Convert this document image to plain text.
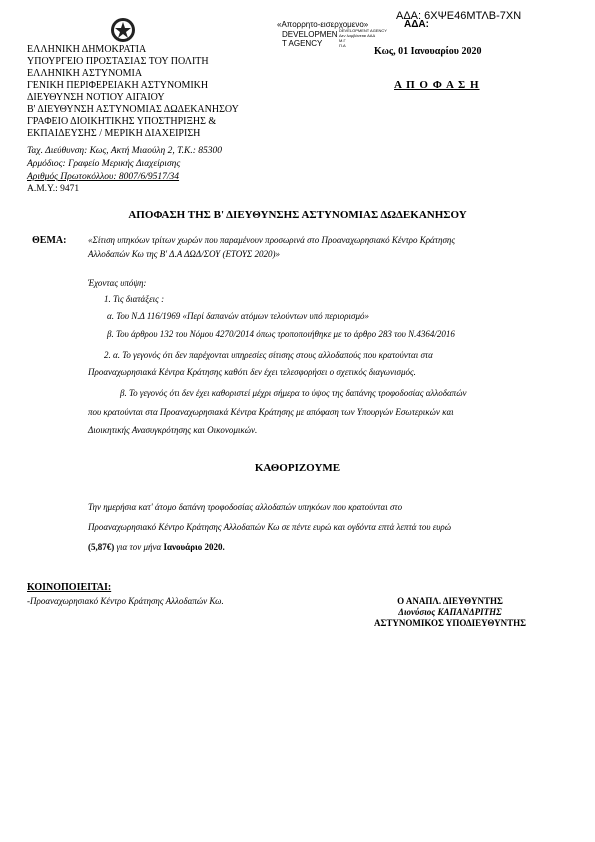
ΑΔΑ: 6ΧΨΕ46ΜΤΛΒ-7ΧΝ
«Απορρητο-εισερχομενο»	ΑΔΑ:
DEVELOPMEN
T AGENCY
DEVELOPMENT AGENCY
Δεν λαμβάνεται ΑΑΔ
Μ.Γ
Π.Α
Κως, 01 Ιανουαρίου 2020
ΕΛΛΗΝΙΚΗ ΔΗΜΟΚΡΑΤΙΑ
ΥΠΟΥΡΓΕΙΟ ΠΡΟΣΤΑΣΙΑΣ ΤΟΥ ΠΟΛΙΤΗ
ΕΛΛΗΝΙΚΗ ΑΣΤΥΝΟΜΙΑ
ΓΕΝΙΚΗ ΠΕΡΙΦΕΡΕΙΑΚΗ ΑΣΤΥΝΟΜΙΚΗ
ΔΙΕΥΘΥΝΣΗ ΝΟΤΙΟΥ ΑΙΓΑΙΟΥ
Β' ΔΙΕΥΘΥΝΣΗ ΑΣΤΥΝΟΜΙΑΣ ΔΩΔΕΚΑΝΗΣΟΥ
ΓΡΑΦΕΙΟ ΔΙΟΙΚΗΤΙΚΗΣ ΥΠΟΣΤΗΡΙΞΗΣ &
ΕΚΠΑΙΔΕΥΣΗΣ / ΜΕΡΙΚΗ ΔΙΑΧΕΙΡΙΣΗ
Ταχ. Διεύθυνση: Κως, Ακτή Μιαούλη 2, Τ.Κ.: 85300
Αρμόδιος: Γραφείο Μερικής Διαχείρισης
Αριθμός Πρωτοκόλλου: 8007/6/9517/34
Α.Μ.Υ.: 9471
Α Π Ο Φ Α Σ Η
ΑΠΟΦΑΣΗ ΤΗΣ Β' ΔΙΕΥΘΥΝΣΗΣ ΑΣΤΥΝΟΜΙΑΣ ΔΩΔΕΚΑΝΗΣΟΥ
ΘΕΜΑ: «Σίτιση υπηκόων τρίτων χωρών που παραμένουν προσωρινά στο Προαναχωρησιακό Κέντρο Κράτησης
Αλλοδαπών Κω της Β' Δ.Α ΔΩΔ/ΣΟΥ (ΕΤΟΥΣ 2020)»
Έχοντας υπόψη:
1. Τις διατάξεις :
α. Του Ν.Δ 116/1969 «Περί δαπανών ατόμων τελούντων υπό περιορισμό»
β. Του άρθρου 132 του Νόμου 4270/2014 όπως τροποποιήθηκε με το άρθρο 283 του Ν.4364/2016
2. α. Το γεγονός ότι δεν παρέχονται υπηρεσίες σίτισης στους αλλοδαπούς που κρατούνται στα
Προαναχωρησιακά Κέντρα Κράτησης καθότι δεν έχει τελεσφορήσει ο σχετικός διαγωνισμός.
β. Το γεγονός ότι δεν έχει καθοριστεί μέχρι σήμερα το ύψος της δαπάνης τροφοδοσίας αλλοδαπών
που κρατούνται στα Προαναχωρησιακά Κέντρα Κράτησης με απόφαση των Υπουργών Εσωτερικών και
Διοικητικής Ανασυγκρότησης και Οικονομικών.
ΚΑΘΟΡΙΖΟΥΜΕ
Την ημερήσια κατ' άτομο δαπάνη τροφοδοσίας αλλοδαπών υπηκόων που κρατούνται στο
Προαναχωρησιακό Κέντρο Κράτησης Αλλοδαπών Κω σε πέντε ευρώ και ογδόντα επτά λεπτά του ευρώ
(5,87€) για τον μήνα Ιανουάριο 2020.
ΚΟΙΝΟΠΟΙΕΙΤΑΙ:
-Προαναχωρησιακό Κέντρο Κράτησης Αλλοδαπών Κω.	Ο ΑΝΑΠΛ. ΔΙΕΥΘΥΝΤΗΣ
Διονύσιος ΚΑΠΑΝΔΡΙΤΗΣ
ΑΣΤΥΝΟΜΙΚΟΣ ΥΠΟΔΙΕΥΘΥΝΤΗΣ
